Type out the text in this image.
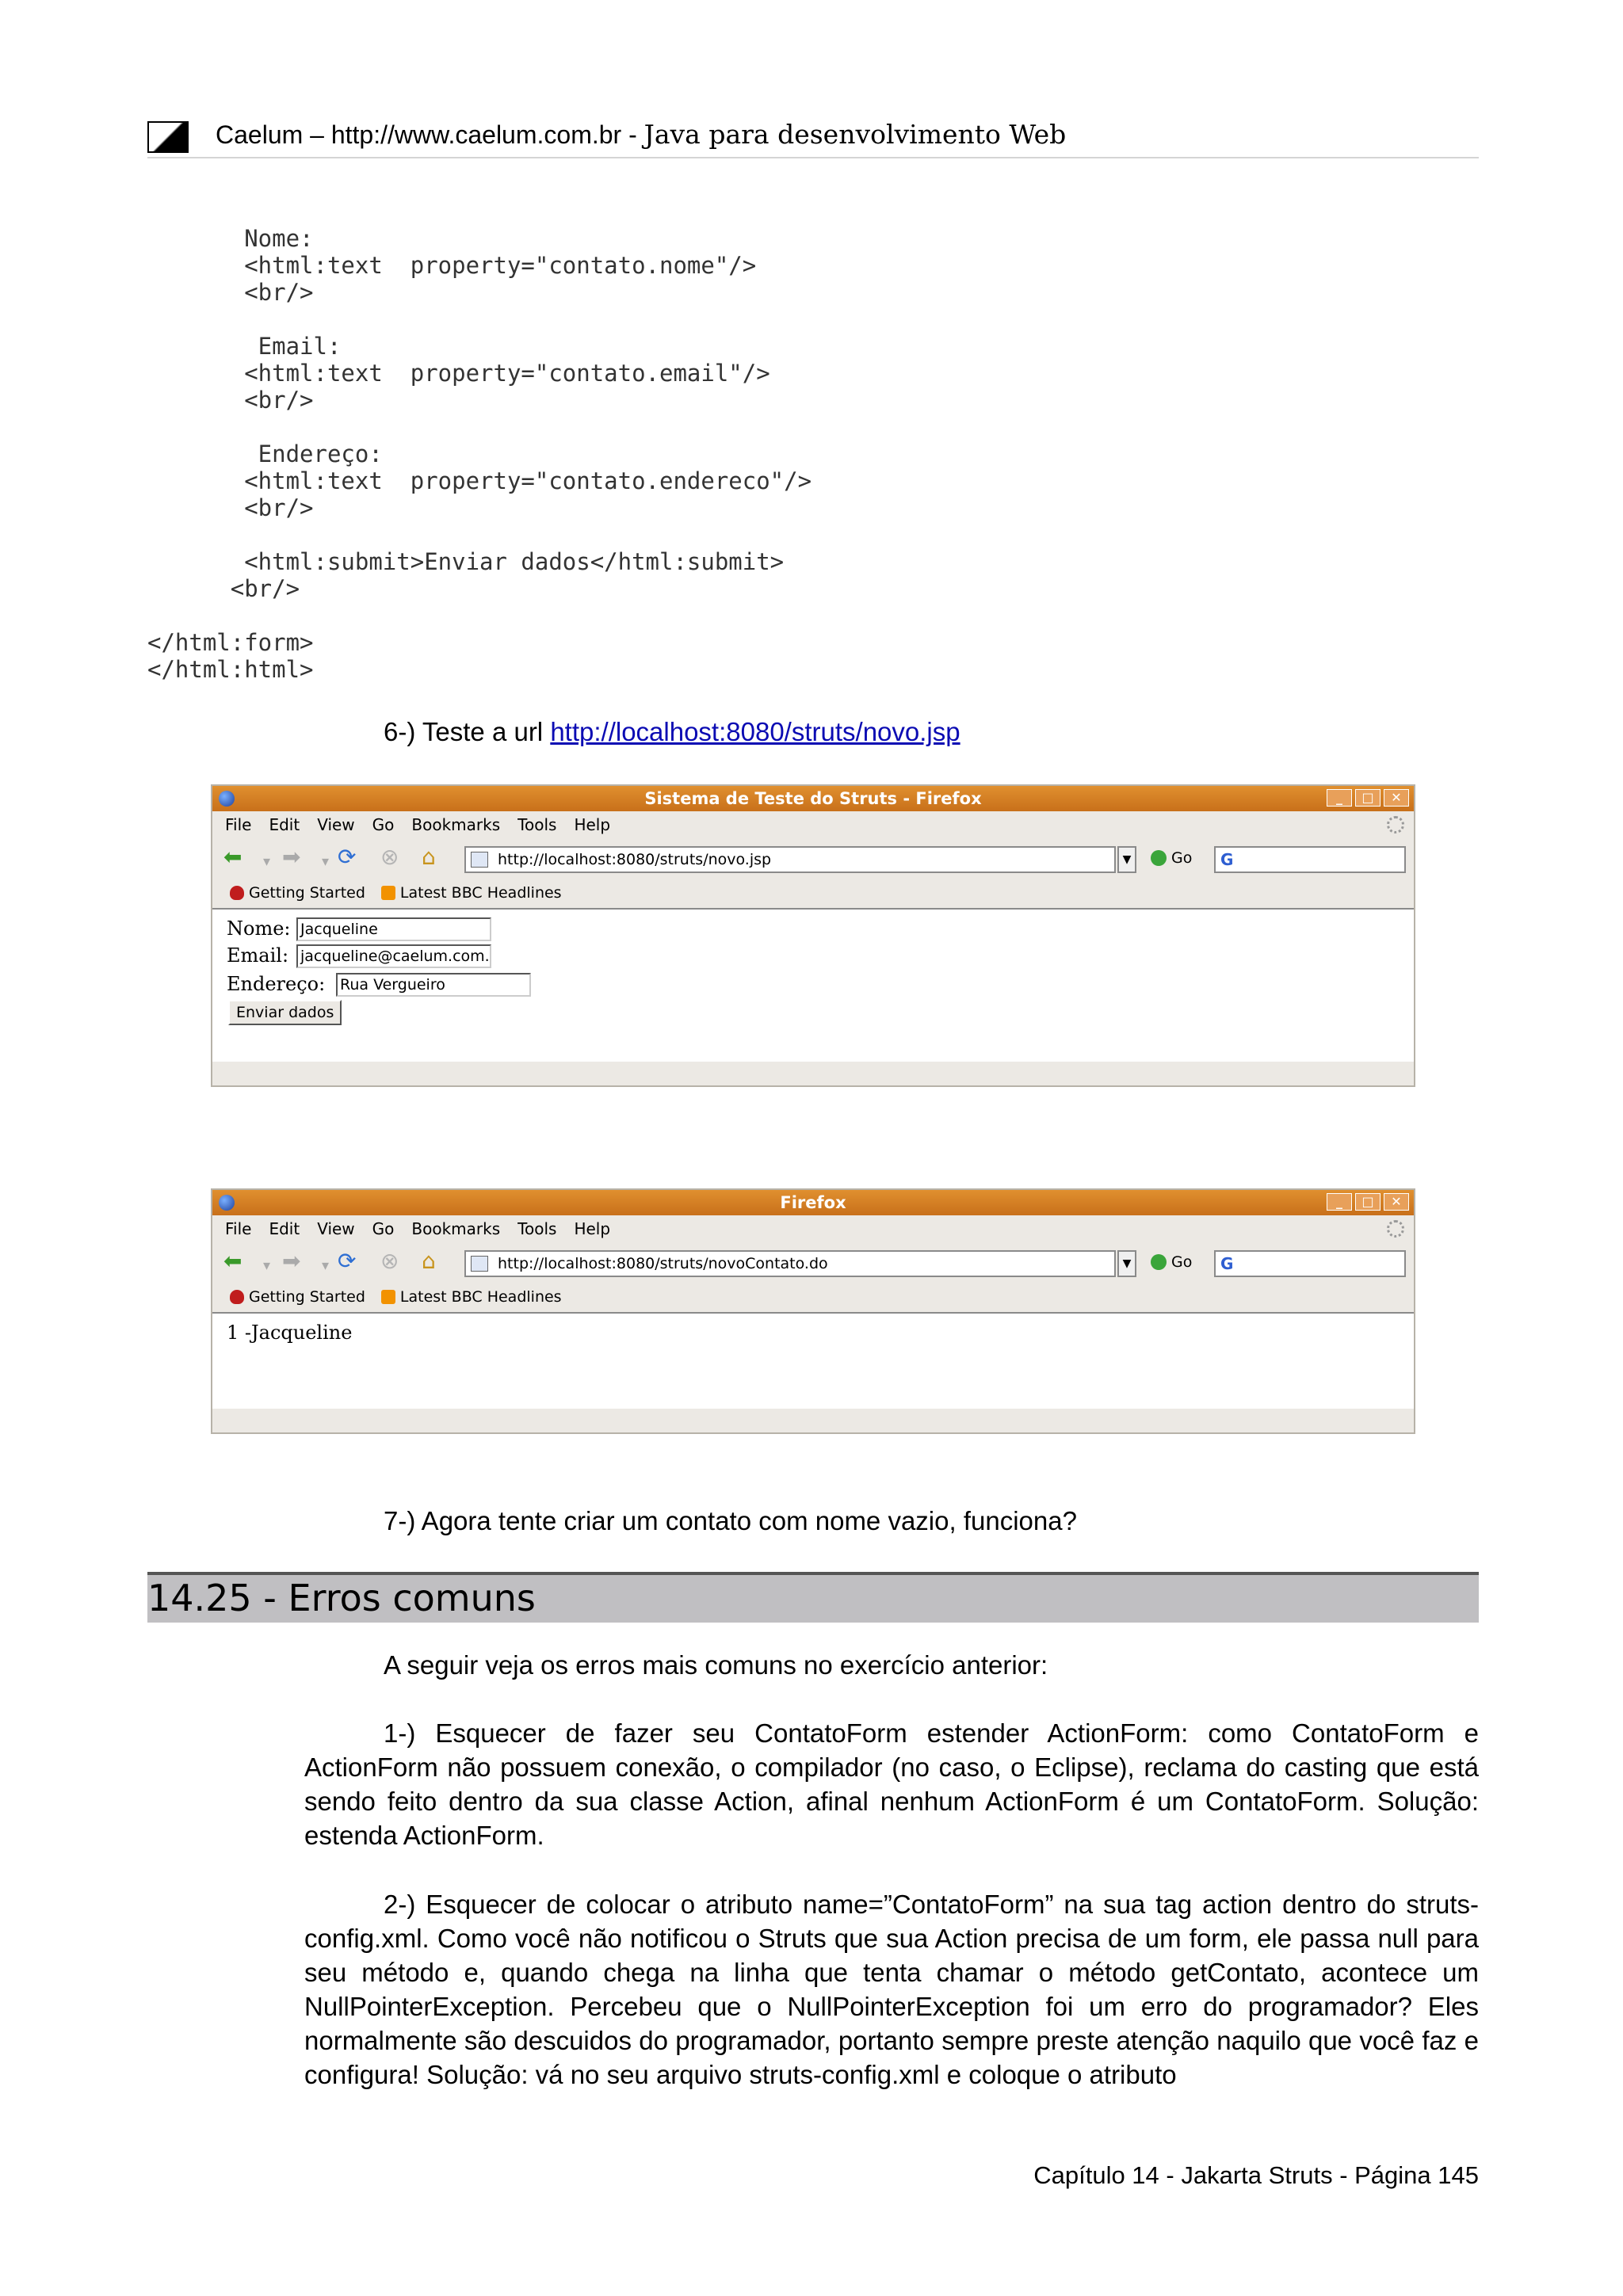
Caelum – http://www.caelum.com.br - Java para desenvolvimento Web
Nome:
<html:text  property="contato.nome"/>
<br/>
Email:
<html:text  property="contato.email"/>
<br/>
Endereço:
<html:text  property="contato.endereco"/>
<br/>
<html:submit>Enviar dados</html:submit>
<br/>
</html:form>
</html:html>
6-) Teste a url http://localhost:8080/struts/novo.jsp
Sistema de Teste do Struts - Firefox	_	□	✕
File Edit View Go Bookmarks Tools Help
⬅ ▾ ➡ ▾ ⟳ ⊗ ⌂	http://localhost:8080/struts/novo.jsp	▼	Go	G
Getting Started Latest BBC Headlines
Nome: Jacqueline
Email: jacqueline@caelum.com.
Endereço: Rua Vergueiro
Enviar dados
Firefox	_	□	✕
File Edit View Go Bookmarks Tools Help
⬅ ▾ ➡ ▾ ⟳ ⊗ ⌂	http://localhost:8080/struts/novoContato.do	▼	Go	G
Getting Started Latest BBC Headlines
1 -Jacqueline
7-) Agora tente criar um contato com nome vazio, funciona?
14.25 - Erros comuns
A seguir veja os erros mais comuns no exercício anterior:
1-) Esquecer de fazer seu ContatoForm estender ActionForm: como ContatoForm e ActionForm não possuem conexão, o compilador (no caso, o Eclipse), reclama do casting que está sendo feito dentro da sua classe Action, afinal nenhum ActionForm é um ContatoForm. Solução: estenda ActionForm.
2-) Esquecer de colocar o atributo name=”ContatoForm” na sua tag action dentro do struts-config.xml. Como você não notificou o Struts que sua Action precisa de um form, ele passa null para seu método e, quando chega na linha que tenta chamar o método getContato, acontece um NullPointerException. Percebeu que o NullPointerException foi um erro do programador? Eles normalmente são descuidos do programador, portanto sempre preste atenção naquilo que você faz e configura! Solução: vá no seu arquivo struts-config.xml e coloque o atributo
Capítulo 14 - Jakarta Struts - Página 145
